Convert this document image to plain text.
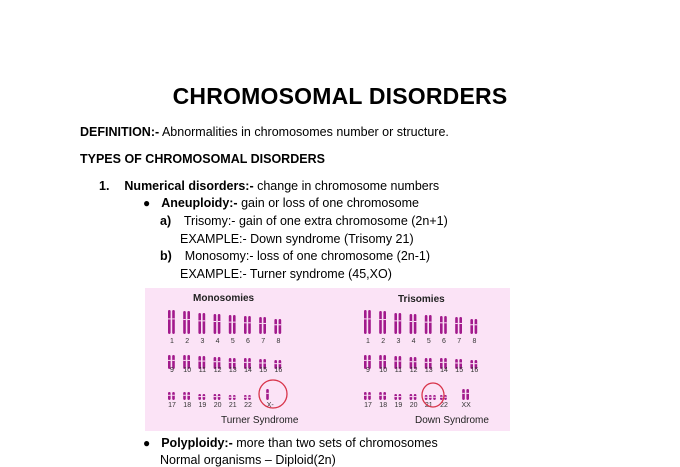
CHROMOSOMAL DISORDERS
DEFINITION:- Abnormalities in chromosomes number or structure.
TYPES OF CHROMOSOMAL DISORDERS
1. Numerical disorders:- change in chromosome numbers
● Aneuploidy:- gain or loss of one chromosome
a) Trisomy:- gain of one extra chromosome (2n+1)
EXAMPLE:- Down syndrome (Trisomy 21)
b) Monosomy:- loss of one chromosome (2n-1)
EXAMPLE:- Turner syndrome (45,XO)
Monosomies	Trisomies
1 2 3 4 5 6 7 8
9 10 11 12 13 14 15 16
17 18 19 20 21 22 X-
1 2 3 4 5 6 7 8
9 10 11 12 13 14 15 16
17 18 19 20 21 22 XX
Turner Syndrome	Down Syndrome
● Polyploidy:- more than two sets of chromosomes
Normal organisms – Diploid(2n)
